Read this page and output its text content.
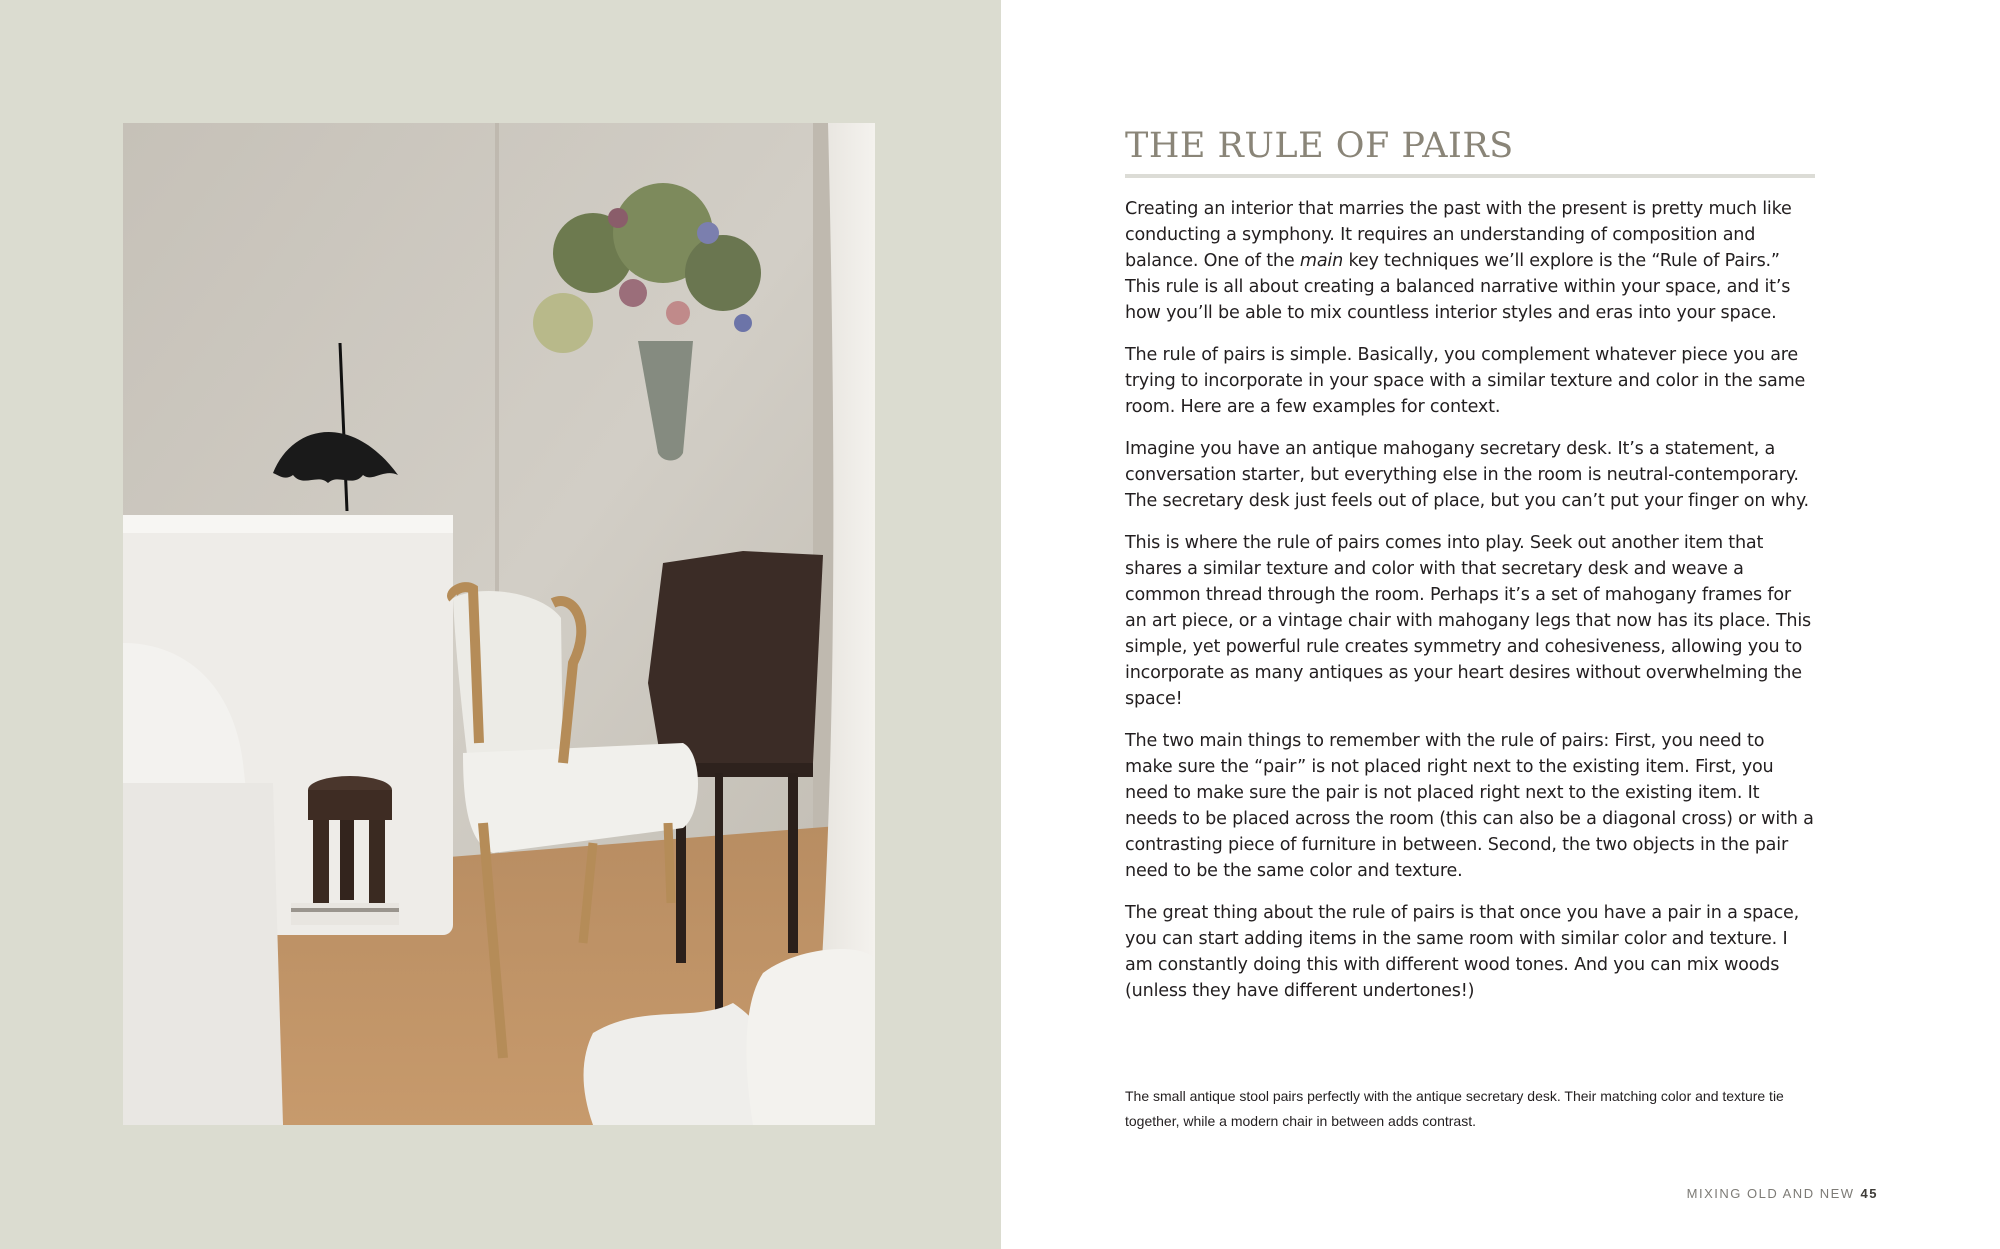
THE RULE OF PAIRS

Creating an interior that marries the past with the present is pretty much like conducting a symphony. It requires an understanding of composition and balance. One of the main key techniques we’ll explore is the “Rule of Pairs.” This rule is all about creating a balanced narrative within your space, and it’s how you’ll be able to mix countless interior styles and eras into your space.

The rule of pairs is simple. Basically, you complement whatever piece you are trying to incorporate in your space with a similar texture and color in the same room. Here are a few examples for context.

Imagine you have an antique mahogany secretary desk. It’s a statement, a conversation starter, but everything else in the room is neutral-contemporary. The secretary desk just feels out of place, but you can’t put your finger on why.

This is where the rule of pairs comes into play. Seek out another item that shares a similar texture and color with that secretary desk and weave a common thread through the room. Perhaps it’s a set of mahogany frames for an art piece, or a vintage chair with mahogany legs that now has its place. This simple, yet powerful rule creates symmetry and cohesiveness, allowing you to incorporate as many antiques as your heart desires without overwhelming the space!

The two main things to remember with the rule of pairs: First, you need to make sure the “pair” is not placed right next to the existing item. First, you need to make sure the pair is not placed right next to the existing item. It needs to be placed across the room (this can also be a diagonal cross) or with a contrasting piece of furniture in between. Second, the two objects in the pair need to be the same color and texture.

The great thing about the rule of pairs is that once you have a pair in a space, you can start adding items in the same room with similar color and texture. I am constantly doing this with different wood tones. And you can mix woods (unless they have different undertones!)

The small antique stool pairs perfectly with the antique secretary desk. Their matching color and texture tie together, while a modern chair in between adds contrast.
MIXING OLD AND NEW 45
